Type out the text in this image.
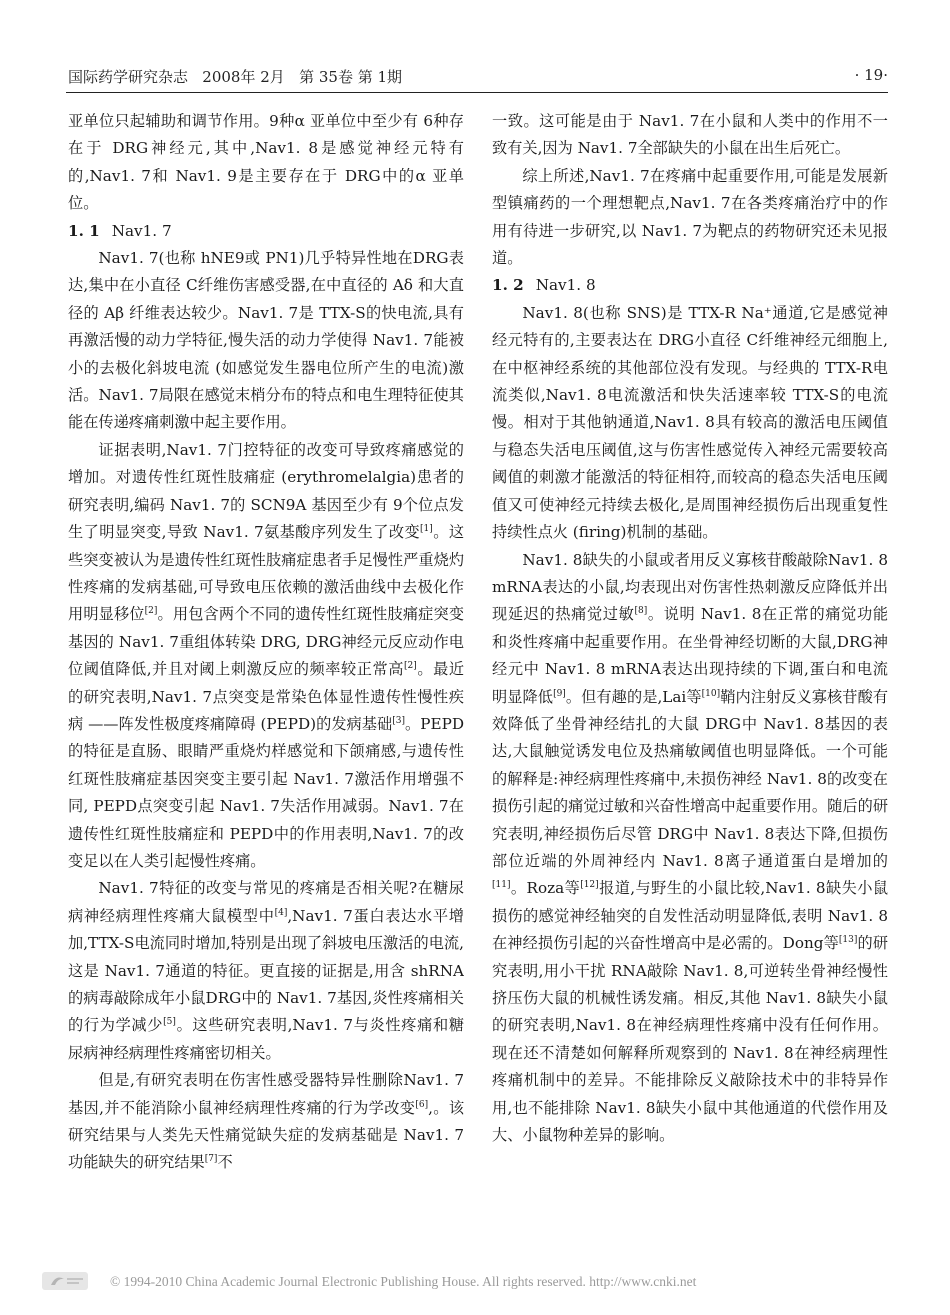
国际药学研究杂志   2008年 2月   第 35卷 第 1期	· 19·

亚单位只起辅助和调节作用。9种α 亚单位中至少有 6种存在于 DRG神经元,其中,Nav1. 8是感觉神经元特有的,Nav1. 7和 Nav1. 9是主要存在于 DRG中的α 亚单位。

1. 1 Nav1. 7

Nav1. 7(也称 hNE9或 PN1)几乎特异性地在DRG表达,集中在小直径 C纤维伤害感受器,在中直径的 Aδ 和大直径的 Aβ 纤维表达较少。Nav1. 7是 TTX-S的快电流,具有再激活慢的动力学特征,慢失活的动力学使得 Nav1. 7能被小的去极化斜坡电流 (如感觉发生器电位所产生的电流)激活。Nav1. 7局限在感觉末梢分布的特点和电生理特征使其能在传递疼痛刺激中起主要作用。

证据表明,Nav1. 7门控特征的改变可导致疼痛感觉的增加。对遗传性红斑性肢痛症 (erythromelalgia)患者的研究表明,编码 Nav1. 7的 SCN9A 基因至少有 9个位点发生了明显突变,导致 Nav1. 7氨基酸序列发生了改变[1]。这些突变被认为是遗传性红斑性肢痛症患者手足慢性严重烧灼性疼痛的发病基础,可导致电压依赖的激活曲线中去极化作用明显移位[2]。用包含两个不同的遗传性红斑性肢痛症突变基因的 Nav1. 7重组体转染 DRG, DRG神经元反应动作电位阈值降低,并且对阈上刺激反应的频率较正常高[2]。最近的研究表明,Nav1. 7点突变是常染色体显性遗传性慢性疾病 ——阵发性极度疼痛障碍 (PEPD)的发病基础[3]。PEPD的特征是直肠、眼睛严重烧灼样感觉和下颌痛感,与遗传性红斑性肢痛症基因突变主要引起 Nav1. 7激活作用增强不同, PEPD点突变引起 Nav1. 7失活作用减弱。Nav1. 7在遗传性红斑性肢痛症和 PEPD中的作用表明,Nav1. 7的改变足以在人类引起慢性疼痛。

Nav1. 7特征的改变与常见的疼痛是否相关呢?在糖尿病神经病理性疼痛大鼠模型中[4],Nav1. 7蛋白表达水平增加,TTX-S电流同时增加,特别是出现了斜坡电压激活的电流,这是 Nav1. 7通道的特征。更直接的证据是,用含 shRNA的病毒敲除成年小鼠DRG中的 Nav1. 7基因,炎性疼痛相关的行为学减少[5]。这些研究表明,Nav1. 7与炎性疼痛和糖尿病神经病理性疼痛密切相关。

但是,有研究表明在伤害性感受器特异性删除Nav1. 7基因,并不能消除小鼠神经病理性疼痛的行为学改变[6],。该研究结果与人类先天性痛觉缺失症的发病基础是 Nav1. 7功能缺失的研究结果[7]不

一致。这可能是由于 Nav1. 7在小鼠和人类中的作用不一致有关,因为 Nav1. 7全部缺失的小鼠在出生后死亡。

综上所述,Nav1. 7在疼痛中起重要作用,可能是发展新型镇痛药的一个理想靶点,Nav1. 7在各类疼痛治疗中的作用有待进一步研究,以 Nav1. 7为靶点的药物研究还未见报道。

1. 2 Nav1. 8

Nav1. 8(也称 SNS)是 TTX-R Na⁺通道,它是感觉神经元特有的,主要表达在 DRG小直径 C纤维神经元细胞上,在中枢神经系统的其他部位没有发现。与经典的 TTX-R电流类似,Nav1. 8电流激活和快失活速率较 TTX-S的电流慢。相对于其他钠通道,Nav1. 8具有较高的激活电压阈值与稳态失活电压阈值,这与伤害性感觉传入神经元需要较高阈值的刺激才能激活的特征相符,而较高的稳态失活电压阈值又可使神经元持续去极化,是周围神经损伤后出现重复性持续性点火 (firing)机制的基础。

Nav1. 8缺失的小鼠或者用反义寡核苷酸敲除Nav1. 8 mRNA表达的小鼠,均表现出对伤害性热刺激反应降低并出现延迟的热痛觉过敏[8]。说明 Nav1. 8在正常的痛觉功能和炎性疼痛中起重要作用。在坐骨神经切断的大鼠,DRG神经元中 Nav1. 8 mRNA表达出现持续的下调,蛋白和电流明显降低[9]。但有趣的是,Lai等[10]鞘内注射反义寡核苷酸有效降低了坐骨神经结扎的大鼠 DRG中 Nav1. 8基因的表达,大鼠触觉诱发电位及热痛敏阈值也明显降低。一个可能的解释是:神经病理性疼痛中,未损伤神经 Nav1. 8的改变在损伤引起的痛觉过敏和兴奋性增高中起重要作用。随后的研究表明,神经损伤后尽管 DRG中 Nav1. 8表达下降,但损伤部位近端的外周神经内 Nav1. 8离子通道蛋白是增加的[11]。Roza等[12]报道,与野生的小鼠比较,Nav1. 8缺失小鼠损伤的感觉神经轴突的自发性活动明显降低,表明 Nav1. 8在神经损伤引起的兴奋性增高中是必需的。Dong等[13]的研究表明,用小干扰 RNA敲除 Nav1. 8,可逆转坐骨神经慢性挤压伤大鼠的机械性诱发痛。相反,其他 Nav1. 8缺失小鼠的研究表明,Nav1. 8在神经病理性疼痛中没有任何作用。现在还不清楚如何解释所观察到的 Nav1. 8在神经病理性疼痛机制中的差异。不能排除反义敲除技术中的非特异作用,也不能排除 Nav1. 8缺失小鼠中其他通道的代偿作用及大、小鼠物种差异的影响。

© 1994-2010 China Academic Journal Electronic Publishing House. All rights reserved. http://www.cnki.net
